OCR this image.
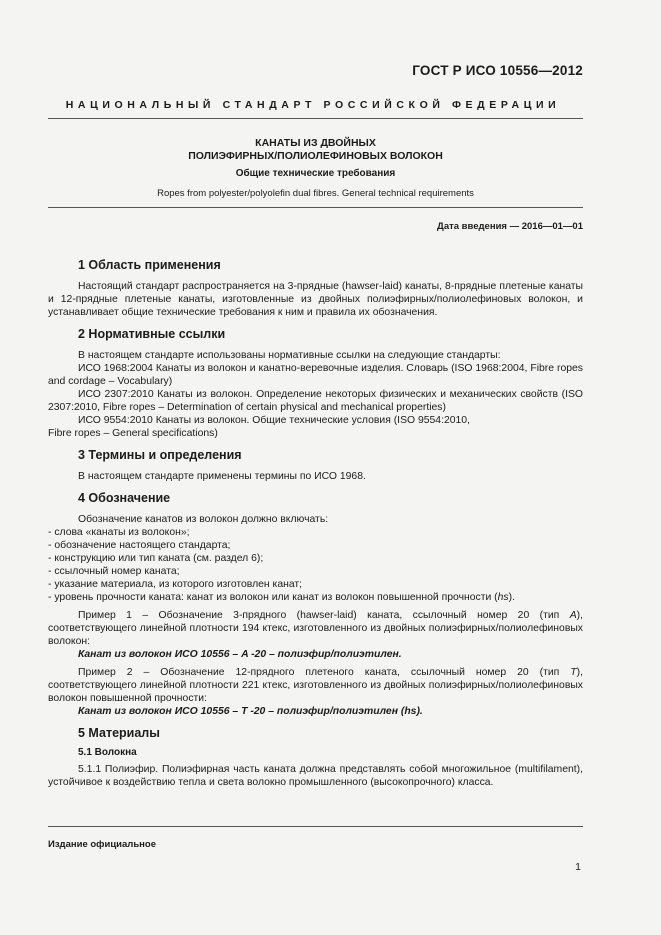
ГОСТ Р ИСО 10556—2012
НАЦИОНАЛЬНЫЙ СТАНДАРТ РОССИЙСКОЙ ФЕДЕРАЦИИ
КАНАТЫ ИЗ ДВОЙНЫХ
ПОЛИЭФИРНЫХ/ПОЛИОЛЕФИНОВЫХ ВОЛОКОН
Общие технические требования
Ropes from polyester/polyolefin dual fibres. General technical requirements
Дата введения — 2016—01—01
1 Область применения

Настоящий стандарт распространяется на 3-прядные (hawser-laid) канаты, 8-прядные плетеные канаты и 12-прядные плетеные канаты, изготовленные из двойных полиэфирных/полиолефиновых волокон, и устанавливает общие технические требования к ним и правила их обозначения.

2 Нормативные ссылки

В настоящем стандарте использованы нормативные ссылки на следующие стандарты:

ИСО 1968:2004 Канаты из волокон и канатно-веревочные изделия. Словарь (ISO 1968:2004, Fibre ropes and cordage – Vocabulary)

ИСО 2307:2010 Канаты из волокон. Определение некоторых физических и механических свойств (ISO 2307:2010, Fibre ropes – Determination of certain physical and mechanical properties)

ИСО 9554:2010 Канаты из волокон. Общие технические условия (ISO 9554:2010,

Fibre ropes – General specifications)

3 Термины и определения

В настоящем стандарте применены термины по ИСО 1968.

4 Обозначение

Обозначение канатов из волокон должно включать:

- слова «канаты из волокон»;

- обозначение настоящего стандарта;

- конструкцию или тип каната (см. раздел 6);

- ссылочный номер каната;

- указание материала, из которого изготовлен канат;

- уровень прочности каната: канат из волокон или канат из волокон повышенной прочности (hs).

Пример 1 – Обозначение 3-прядного (hawser-laid) каната, ссылочный номер 20 (тип A), соответствующего линейной плотности 194 ктекс, изготовленного из двойных полиэфирных/полиолефиновых волокон:

Канат из волокон ИСО 10556 – A -20 – полиэфир/полиэтилен.

Пример 2 – Обозначение 12-прядного плетеного каната, ссылочный номер 20 (тип T), соответствующего линейной плотности 221 ктекс, изготовленного из двойных полиэфирных/полиолефиновых волокон повышенной прочности:

Канат из волокон ИСО 10556 – Т -20 – полиэфир/полиэтилен (hs).

5 Материалы
5.1 Волокна

5.1.1 Полиэфир. Полиэфирная часть каната должна представлять собой многожильное (multifilament), устойчивое к воздействию тепла и света волокно промышленного (высокопрочного) класса.

Издание официальное
1
